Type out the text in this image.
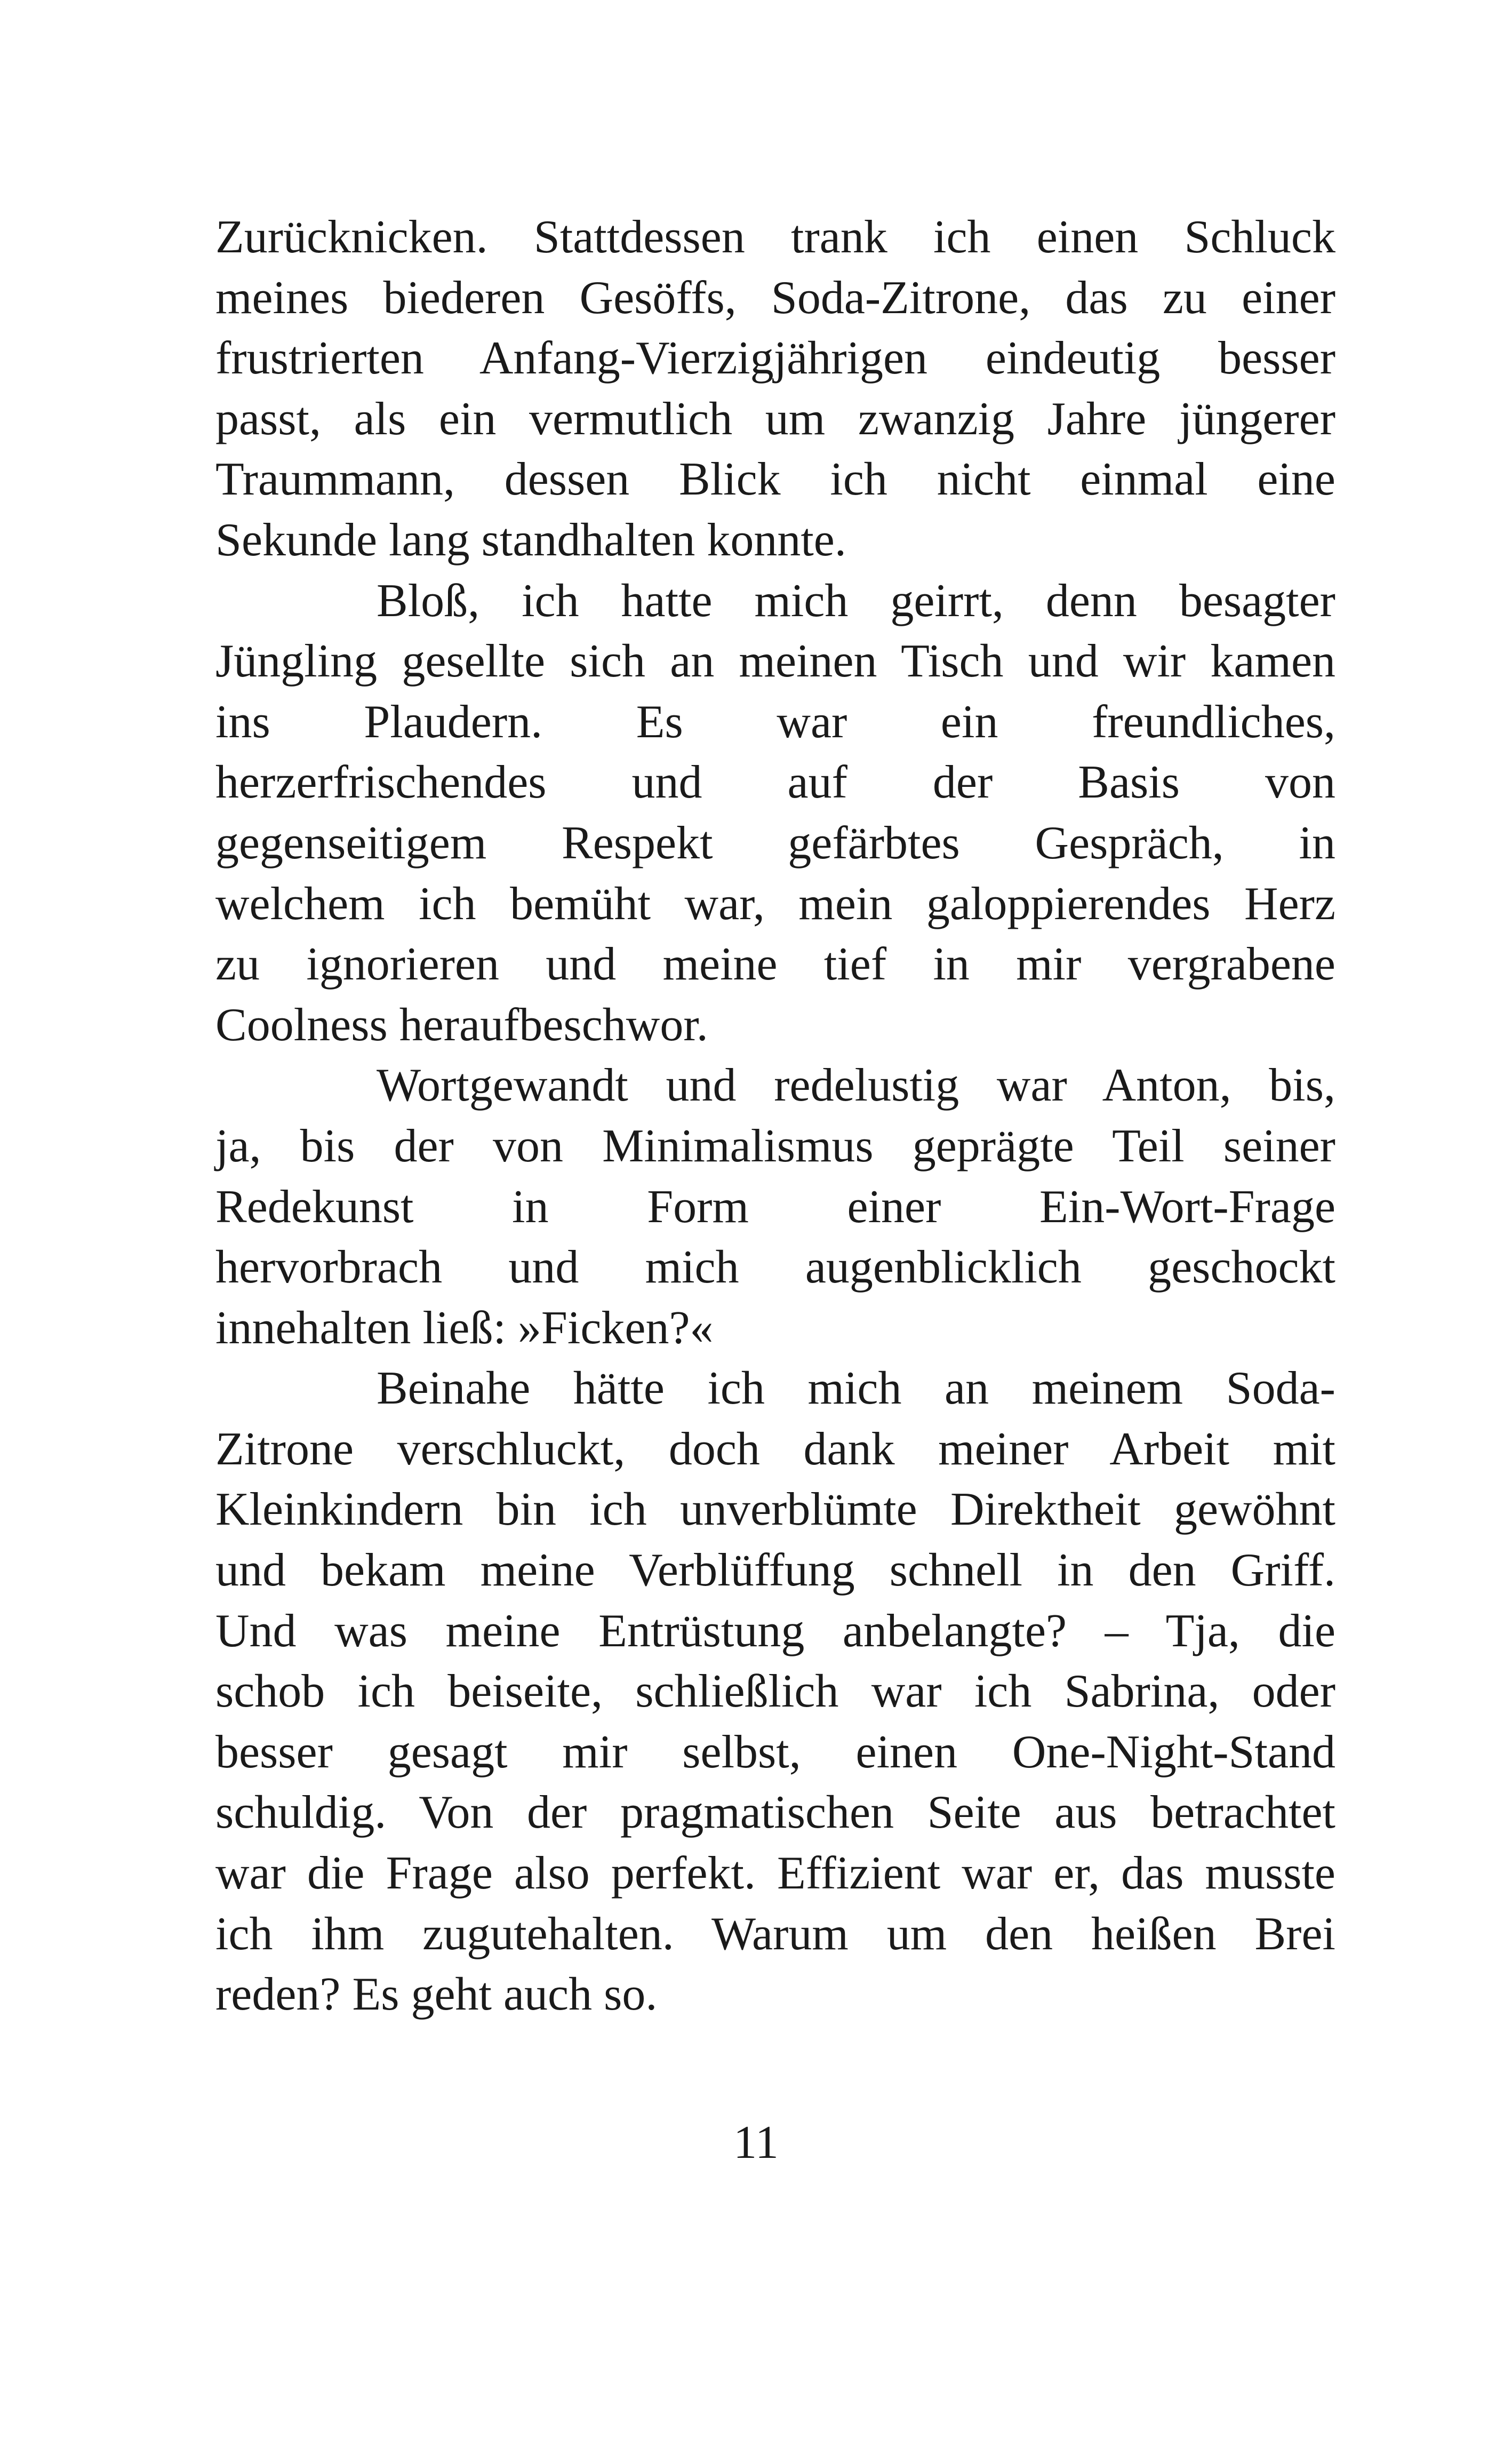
Zurücknicken. Stattdessen trank ich einen Schluck
meines biederen Gesöffs, Soda-Zitrone, das zu einer
frustrierten Anfang-Vierzigjährigen eindeutig besser
passt, als ein vermutlich um zwanzig Jahre jüngerer
Traummann, dessen Blick ich nicht einmal eine
Sekunde lang standhalten konnte.
Bloß, ich hatte mich geirrt, denn besagter
Jüngling gesellte sich an meinen Tisch und wir kamen
ins Plaudern. Es war ein freundliches,
herzerfrischendes und auf der Basis von
gegenseitigem Respekt gefärbtes Gespräch, in
welchem ich bemüht war, mein galoppierendes Herz
zu ignorieren und meine tief in mir vergrabene
Coolness heraufbeschwor.
Wortgewandt und redelustig war Anton, bis,
ja, bis der von Minimalismus geprägte Teil seiner
Redekunst in Form einer Ein-Wort-Frage
hervorbrach und mich augenblicklich geschockt
innehalten ließ: »Ficken?«
Beinahe hätte ich mich an meinem Soda-
Zitrone verschluckt, doch dank meiner Arbeit mit
Kleinkindern bin ich unverblümte Direktheit gewöhnt
und bekam meine Verblüffung schnell in den Griff.
Und was meine Entrüstung anbelangte? – Tja, die
schob ich beiseite, schließlich war ich Sabrina, oder
besser gesagt mir selbst, einen One-Night-Stand
schuldig. Von der pragmatischen Seite aus betrachtet
war die Frage also perfekt. Effizient war er, das musste
ich ihm zugutehalten. Warum um den heißen Brei
reden? Es geht auch so.
11
